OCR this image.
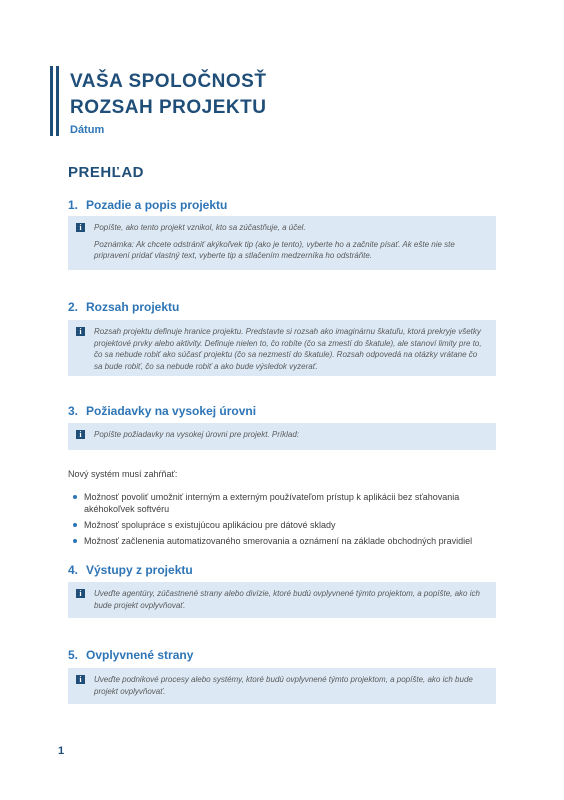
VAŠA SPOLOČNOSŤ
ROZSAH PROJEKTU
Dátum
PREHĽAD
1. Pozadie a popis projektu
i	Popíšte, ako tento projekt vznikol, kto sa zúčastňuje, a účel.

Poznámka: Ak chcete odstrániť akýkoľvek tip (ako je tento), vyberte ho a začnite písať. Ak ešte nie ste pripravení pridať vlastný text, vyberte tip a stlačením medzerníka ho odstráňte.

2. Rozsah projektu
i	Rozsah projektu definuje hranice projektu. Predstavte si rozsah ako imaginárnu škatuľu, ktorá prekryje všetky projektové prvky alebo aktivity. Definuje nielen to, čo robíte (čo sa zmestí do škatule), ale stanoví limity pre to, čo sa nebude robiť ako súčasť projektu (čo sa nezmestí do škatule). Rozsah odpovedá na otázky vrátane čo sa bude robiť, čo sa nebude robiť a ako bude výsledok vyzerať.

3. Požiadavky na vysokej úrovni
i	Popíšte požiadavky na vysokej úrovni pre projekt. Príklad:

Nový systém musí zahŕňať:
Možnosť povoliť umožniť interným a externým používateľom prístup k aplikácii bez sťahovania akéhokoľvek softvéru
Možnosť spolupráce s existujúcou aplikáciou pre dátové sklady
Možnosť začlenenia automatizovaného smerovania a oznámení na základe obchodných pravidiel
4. Výstupy z projektu
i	Uveďte agentúry, zúčastnené strany alebo divízie, ktoré budú ovplyvnené týmto projektom, a popíšte, ako ich bude projekt ovplyvňovať.

5. Ovplyvnené strany
i	Uveďte podnikové procesy alebo systémy, ktoré budú ovplyvnené týmto projektom, a popíšte, ako ich bude projekt ovplyvňovať.

1
